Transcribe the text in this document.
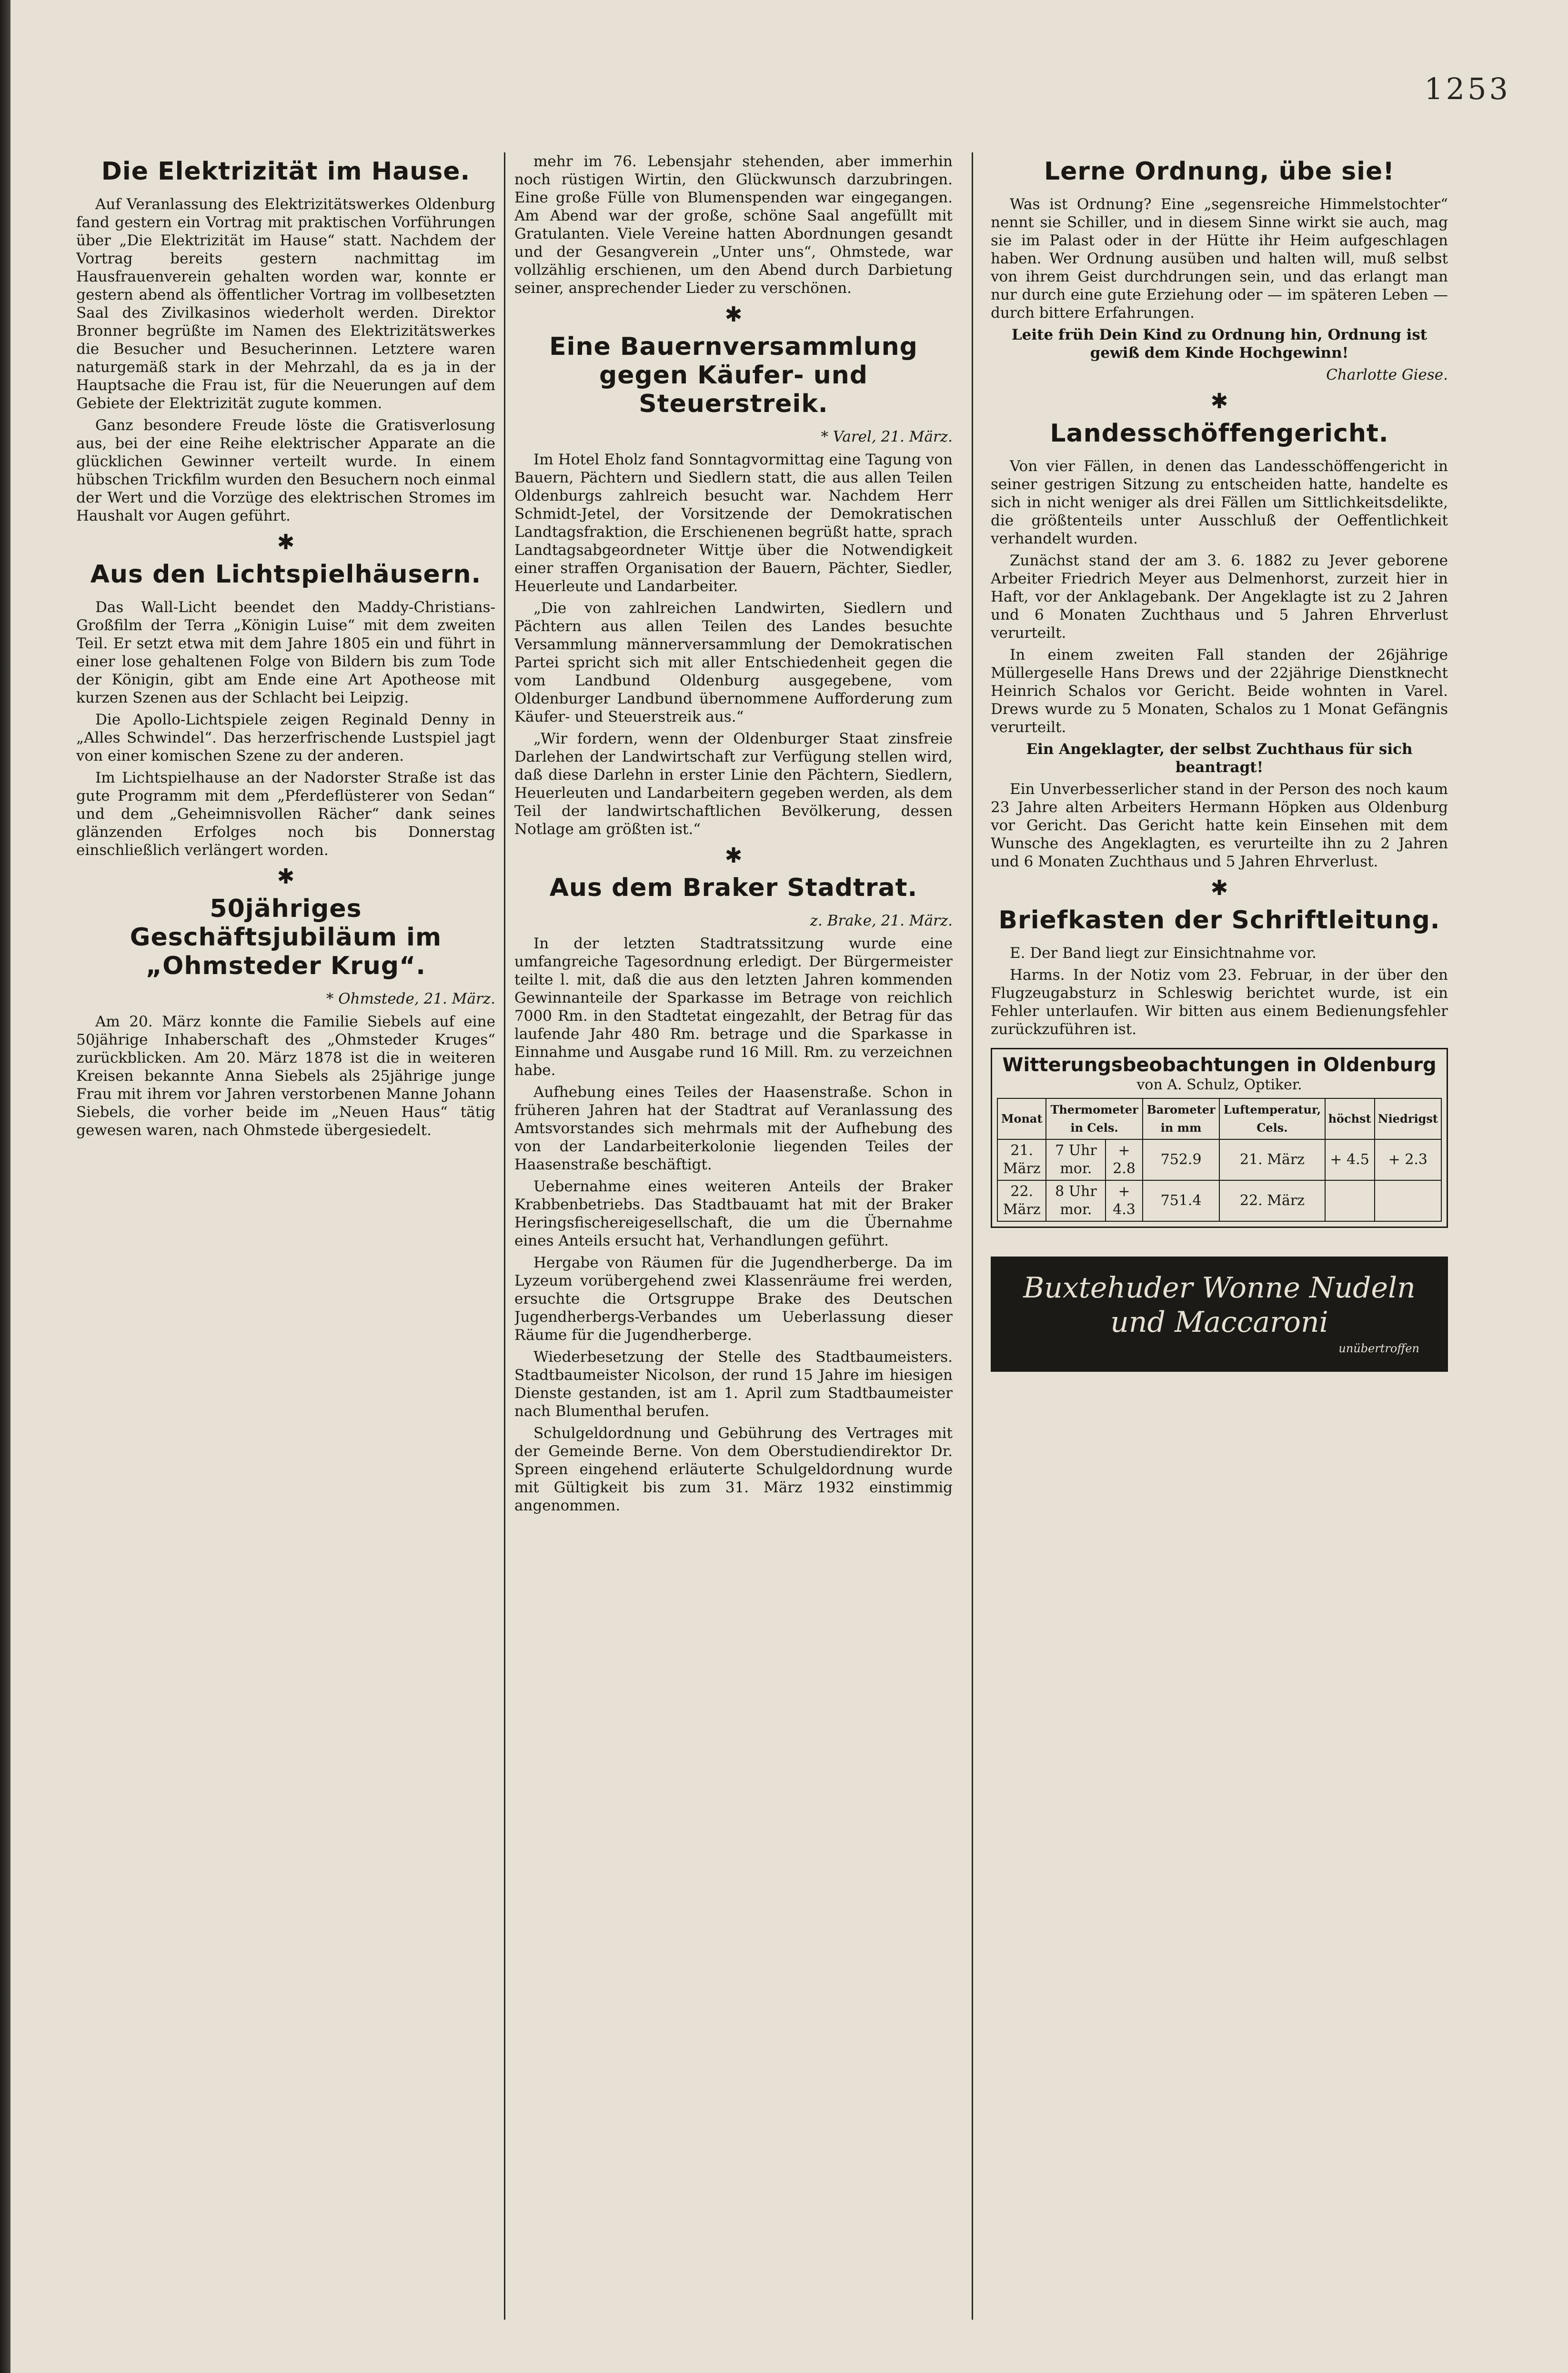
1253
Die Elektrizität im Hause.

Auf Veranlassung des Elektrizitätswerkes Oldenburg fand gestern ein Vortrag mit praktischen Vorführungen über „Die Elektrizität im Hause“ statt. Nachdem der Vortrag bereits gestern nachmittag im Hausfrauenverein gehalten worden war, konnte er gestern abend als öffentlicher Vortrag im vollbesetzten Saal des Zivilkasinos wiederholt werden. Direktor Bronner begrüßte im Namen des Elektrizitätswerkes die Besucher und Besucherinnen. Letztere waren naturgemäß stark in der Mehrzahl, da es ja in der Hauptsache die Frau ist, für die Neuerungen auf dem Gebiete der Elektrizität zugute kommen.

Ganz besondere Freude löste die Gratisverlosung aus, bei der eine Reihe elektrischer Apparate an die glücklichen Gewinner verteilt wurde. In einem hübschen Trickfilm wurden den Besuchern noch einmal der Wert und die Vorzüge des elektrischen Stromes im Haushalt vor Augen geführt.

✱
Aus den Lichtspielhäusern.

Das Wall-Licht beendet den Maddy-Christians-Großfilm der Terra „Königin Luise“ mit dem zweiten Teil. Er setzt etwa mit dem Jahre 1805 ein und führt in einer lose gehaltenen Folge von Bildern bis zum Tode der Königin, gibt am Ende eine Art Apotheose mit kurzen Szenen aus der Schlacht bei Leipzig.

Die Apollo-Lichtspiele zeigen Reginald Denny in „Alles Schwindel“. Das herzerfrischende Lustspiel jagt von einer komischen Szene zu der anderen.

Im Lichtspielhause an der Nadorster Straße ist das gute Programm mit dem „Pferdeflüsterer von Sedan“ und dem „Geheimnisvollen Rächer“ dank seines glänzenden Erfolges noch bis Donnerstag einschließlich verlängert worden.

✱
50jähriges Geschäftsjubiläum im „Ohmsteder Krug“.
* Ohmstede, 21. März.

Am 20. März konnte die Familie Siebels auf eine 50jährige Inhaberschaft des „Ohmsteder Kruges“ zurückblicken. Am 20. März 1878 ist die in weiteren Kreisen bekannte Anna Siebels als 25jährige junge Frau mit ihrem vor Jahren verstorbenen Manne Johann Siebels, die vorher beide im „Neuen Haus“ tätig gewesen waren, nach Ohmstede übergesiedelt.

mehr im 76. Lebensjahr stehenden, aber immerhin noch rüstigen Wirtin, den Glückwunsch darzubringen. Eine große Fülle von Blumenspenden war eingegangen. Am Abend war der große, schöne Saal angefüllt mit Gratulanten. Viele Vereine hatten Abordnungen gesandt und der Gesangverein „Unter uns“, Ohmstede, war vollzählig erschienen, um den Abend durch Darbietung seiner, ansprechender Lieder zu verschönen.

✱
Eine Bauernversammlung gegen Käufer- und Steuerstreik.
* Varel, 21. März.

Im Hotel Eholz fand Sonntagvormittag eine Tagung von Bauern, Pächtern und Siedlern statt, die aus allen Teilen Oldenburgs zahlreich besucht war. Nachdem Herr Schmidt-Jetel, der Vorsitzende der Demokratischen Landtagsfraktion, die Erschienenen begrüßt hatte, sprach Landtagsabgeordneter Wittje über die Notwendigkeit einer straffen Organisation der Bauern, Pächter, Siedler, Heuerleute und Landarbeiter.

„Die von zahlreichen Landwirten, Siedlern und Pächtern aus allen Teilen des Landes besuchte Versammlung männerversammlung der Demokratischen Partei spricht sich mit aller Entschiedenheit gegen die vom Landbund Oldenburg ausgegebene, vom Oldenburger Landbund übernommene Aufforderung zum Käufer- und Steuerstreik aus.“

„Wir fordern, wenn der Oldenburger Staat zinsfreie Darlehen der Landwirtschaft zur Verfügung stellen wird, daß diese Darlehn in erster Linie den Pächtern, Siedlern, Heuerleuten und Landarbeitern gegeben werden, als dem Teil der landwirtschaftlichen Bevölkerung, dessen Notlage am größten ist.“

✱
Aus dem Braker Stadtrat.
z. Brake, 21. März.

In der letzten Stadtratssitzung wurde eine umfangreiche Tagesordnung erledigt. Der Bürgermeister teilte l. mit, daß die aus den letzten Jahren kommenden Gewinnanteile der Sparkasse im Betrage von reichlich 7000 Rm. in den Stadtetat eingezahlt, der Betrag für das laufende Jahr 480 Rm. betrage und die Sparkasse in Einnahme und Ausgabe rund 16 Mill. Rm. zu verzeichnen habe.

Aufhebung eines Teiles der Haasenstraße. Schon in früheren Jahren hat der Stadtrat auf Veranlassung des Amtsvorstandes sich mehrmals mit der Aufhebung des von der Landarbeiterkolonie liegenden Teiles der Haasenstraße beschäftigt.

Uebernahme eines weiteren Anteils der Braker Krabbenbetriebs. Das Stadtbauamt hat mit der Braker Heringsfischereigesellschaft, die um die Übernahme eines Anteils ersucht hat, Verhandlungen geführt.

Hergabe von Räumen für die Jugendherberge. Da im Lyzeum vorübergehend zwei Klassenräume frei werden, ersuchte die Ortsgruppe Brake des Deutschen Jugendherbergs-Verbandes um Ueberlassung dieser Räume für die Jugendherberge.

Wiederbesetzung der Stelle des Stadtbaumeisters. Stadtbaumeister Nicolson, der rund 15 Jahre im hiesigen Dienste gestanden, ist am 1. April zum Stadtbaumeister nach Blumenthal berufen.

Schulgeldordnung und Gebührung des Vertrages mit der Gemeinde Berne. Von dem Oberstudiendirektor Dr. Spreen eingehend erläuterte Schulgeldordnung wurde mit Gültigkeit bis zum 31. März 1932 einstimmig angenommen.

Lerne Ordnung, übe sie!

Was ist Ordnung? Eine „segensreiche Himmelstochter“ nennt sie Schiller, und in diesem Sinne wirkt sie auch, mag sie im Palast oder in der Hütte ihr Heim aufgeschlagen haben. Wer Ordnung ausüben und halten will, muß selbst von ihrem Geist durchdrungen sein, und das erlangt man nur durch eine gute Erziehung oder — im späteren Leben — durch bittere Erfahrungen.

Leite früh Dein Kind zu Ordnung hin, Ordnung ist gewiß dem Kinde Hochgewinn!

Charlotte Giese.
✱
Landesschöffengericht.

Von vier Fällen, in denen das Landesschöffengericht in seiner gestrigen Sitzung zu entscheiden hatte, handelte es sich in nicht weniger als drei Fällen um Sittlichkeitsdelikte, die größtenteils unter Ausschluß der Oeffentlichkeit verhandelt wurden.

Zunächst stand der am 3. 6. 1882 zu Jever geborene Arbeiter Friedrich Meyer aus Delmenhorst, zurzeit hier in Haft, vor der Anklagebank. Der Angeklagte ist zu 2 Jahren und 6 Monaten Zuchthaus und 5 Jahren Ehrverlust verurteilt.

In einem zweiten Fall standen der 26jährige Müllergeselle Hans Drews und der 22jährige Dienstknecht Heinrich Schalos vor Gericht. Beide wohnten in Varel. Drews wurde zu 5 Monaten, Schalos zu 1 Monat Gefängnis verurteilt.

Ein Angeklagter, der selbst Zuchthaus für sich beantragt!

Ein Unverbesserlicher stand in der Person des noch kaum 23 Jahre alten Arbeiters Hermann Höpken aus Oldenburg vor Gericht. Das Gericht hatte kein Einsehen mit dem Wunsche des Angeklagten, es verurteilte ihn zu 2 Jahren und 6 Monaten Zuchthaus und 5 Jahren Ehrverlust.

✱
Briefkasten der Schriftleitung.

E. Der Band liegt zur Einsichtnahme vor.

Harms. In der Notiz vom 23. Februar, in der über den Flugzeugabsturz in Schleswig berichtet wurde, ist ein Fehler unterlaufen. Wir bitten aus einem Bedienungsfehler zurückzuführen ist.

Witterungsbeobachtungen in Oldenburg
von A. Schulz, Optiker.
Monat	Thermometer in Cels.		Barometer in mm	Luftemperatur, Cels.	höchst	Niedrigst
21. März	7 Uhr mor.	+ 2.8	752.9	21. März	+ 4.5	+ 2.3
22. März	8 Uhr mor.	+ 4.3	751.4	22. März		
Buxtehuder Wonne Nudeln
und Maccaroni
unübertroffen
